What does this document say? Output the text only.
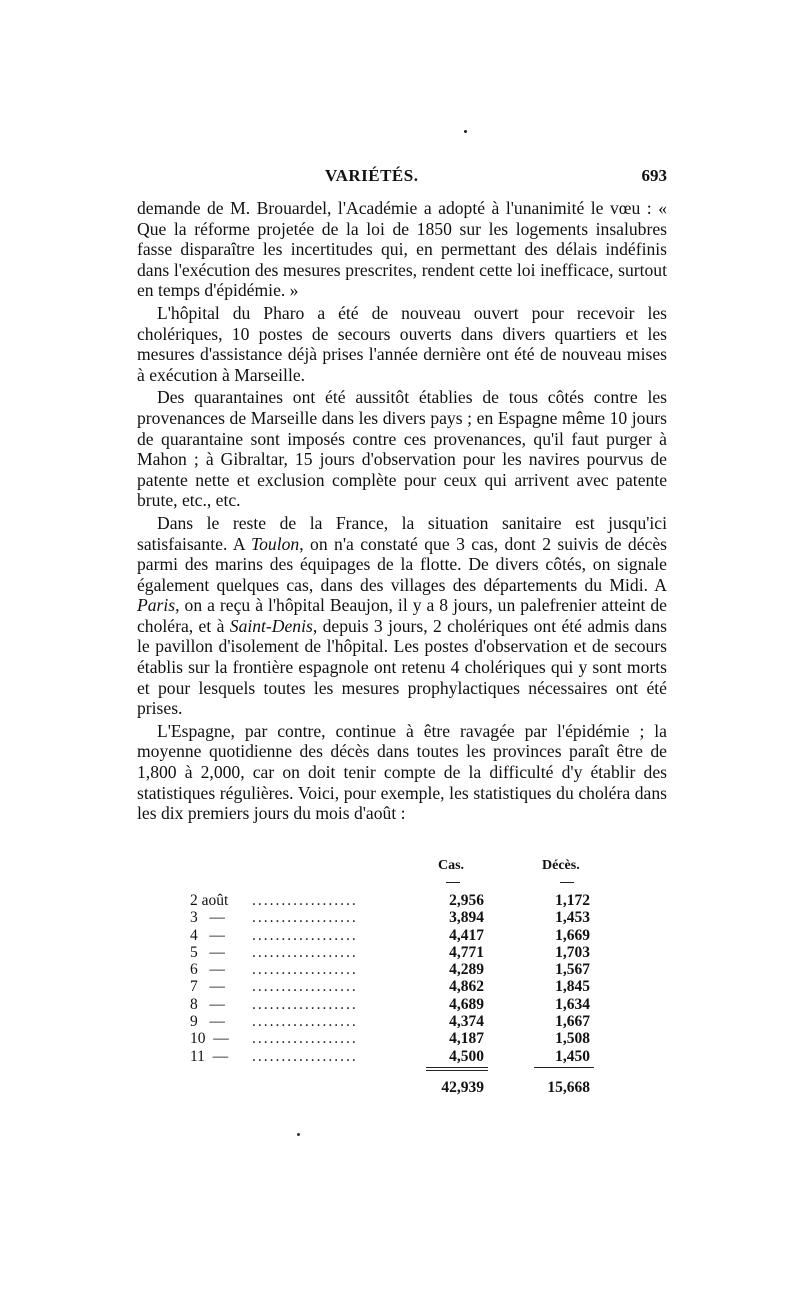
VARIÉTÉS.	693

demande de M. Brouardel, l'Académie a adopté à l'unanimité le vœu : « Que la réforme projetée de la loi de 1850 sur les logements insalubres fasse disparaître les incertitudes qui, en permettant des délais indéfinis dans l'exécution des mesures prescrites, rendent cette loi inefficace, surtout en temps d'épidémie. »

L'hôpital du Pharo a été de nouveau ouvert pour recevoir les cholériques, 10 postes de secours ouverts dans divers quartiers et les mesures d'assistance déjà prises l'année dernière ont été de nouveau mises à exécution à Marseille.

Des quarantaines ont été aussitôt établies de tous côtés contre les provenances de Marseille dans les divers pays ; en Espagne même 10 jours de quarantaine sont imposés contre ces provenances, qu'il faut purger à Mahon ; à Gibraltar, 15 jours d'observation pour les navires pourvus de patente nette et exclusion complète pour ceux qui arrivent avec patente brute, etc., etc.

Dans le reste de la France, la situation sanitaire est jusqu'ici satisfaisante. A Toulon, on n'a constaté que 3 cas, dont 2 suivis de décès parmi des marins des équipages de la flotte. De divers côtés, on signale également quelques cas, dans des villages des départements du Midi. A Paris, on a reçu à l'hôpital Beaujon, il y a 8 jours, un palefrenier atteint de choléra, et à Saint-Denis, depuis 3 jours, 2 cholériques ont été admis dans le pavillon d'isolement de l'hôpital. Les postes d'observation et de secours établis sur la frontière espagnole ont retenu 4 cholériques qui y sont morts et pour lesquels toutes les mesures prophylactiques nécessaires ont été prises.

L'Espagne, par contre, continue à être ravagée par l'épidémie ; la moyenne quotidienne des décès dans toutes les provinces paraît être de 1,800 à 2,000, car on doit tenir compte de la difficulté d'y établir des statistiques régulières. Voici, pour exemple, les statistiques du choléra dans les dix premiers jours du mois d'août :

Cas.	Décès.
2 août	..................	2,956	1,172
3   —	..................	3,894	1,453
4   —	..................	4,417	1,669
5   —	..................	4,771	1,703
6   —	..................	4,289	1,567
7   —	..................	4,862	1,845
8   —	..................	4,689	1,634
9   —	..................	4,374	1,667
10  —	..................	4,187	1,508
11  —	..................	4,500	1,450
42,939	15,668
